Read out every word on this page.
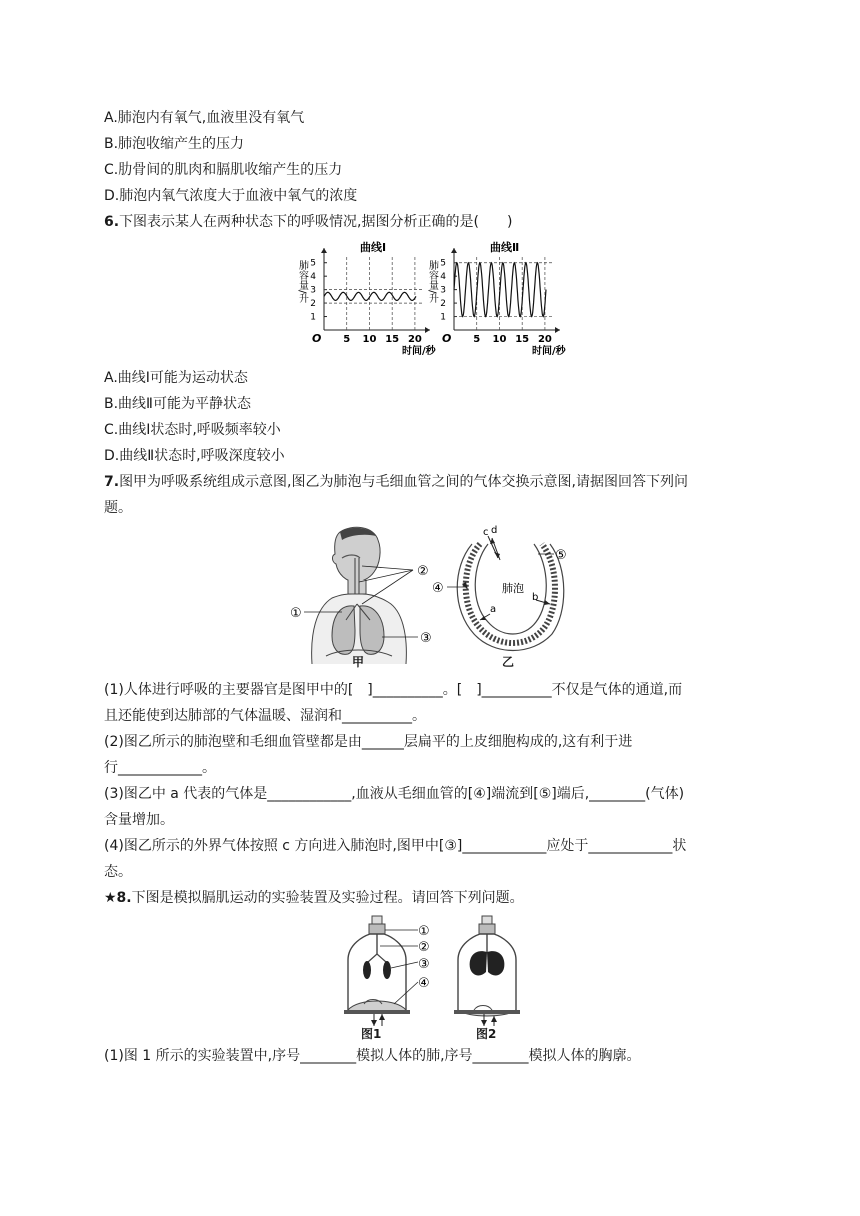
A.肺泡内有氧气,血液里没有氧气
B.肺泡收缩产生的压力
C.肋骨间的肌肉和膈肌收缩产生的压力
D.肺泡内氧气浓度大于血液中氧气的浓度
6.下图表示某人在两种状态下的呼吸情况,据图分析正确的是(　　)
曲线Ⅰ
肺容量/升
时间/秒
O
1
2
3
4
5
5 10 15 20
曲线Ⅱ
肺容量/升
时间/秒
O
1
2
3
4
5
5 10 15 20
A.曲线Ⅰ可能为运动状态
B.曲线Ⅱ可能为平静状态
C.曲线Ⅰ状态时,呼吸频率较小
D.曲线Ⅱ状态时,呼吸深度较小
7.图甲为呼吸系统组成示意图,图乙为肺泡与毛细血管之间的气体交换示意图,请据图回答下列问
题。
②
①
③
甲
c d
⑤
④	肺泡
a
b
乙
(1)人体进行呼吸的主要器官是图甲中的[　]__________。[　]__________不仅是气体的通道,而
且还能使到达肺部的气体温暖、湿润和__________。
(2)图乙所示的肺泡壁和毛细血管壁都是由______层扁平的上皮细胞构成的,这有利于进
行____________。
(3)图乙中 a 代表的气体是____________,血液从毛细血管的[④]端流到[⑤]端后,________(气体)
含量增加。
(4)图乙所示的外界气体按照 c 方向进入肺泡时,图甲中[③]____________应处于____________状
态。
★8.下图是模拟膈肌运动的实验装置及实验过程。请回答下列问题。
①
②
③
④
图1	图2
(1)图 1 所示的实验装置中,序号________模拟人体的肺,序号________模拟人体的胸廓。
